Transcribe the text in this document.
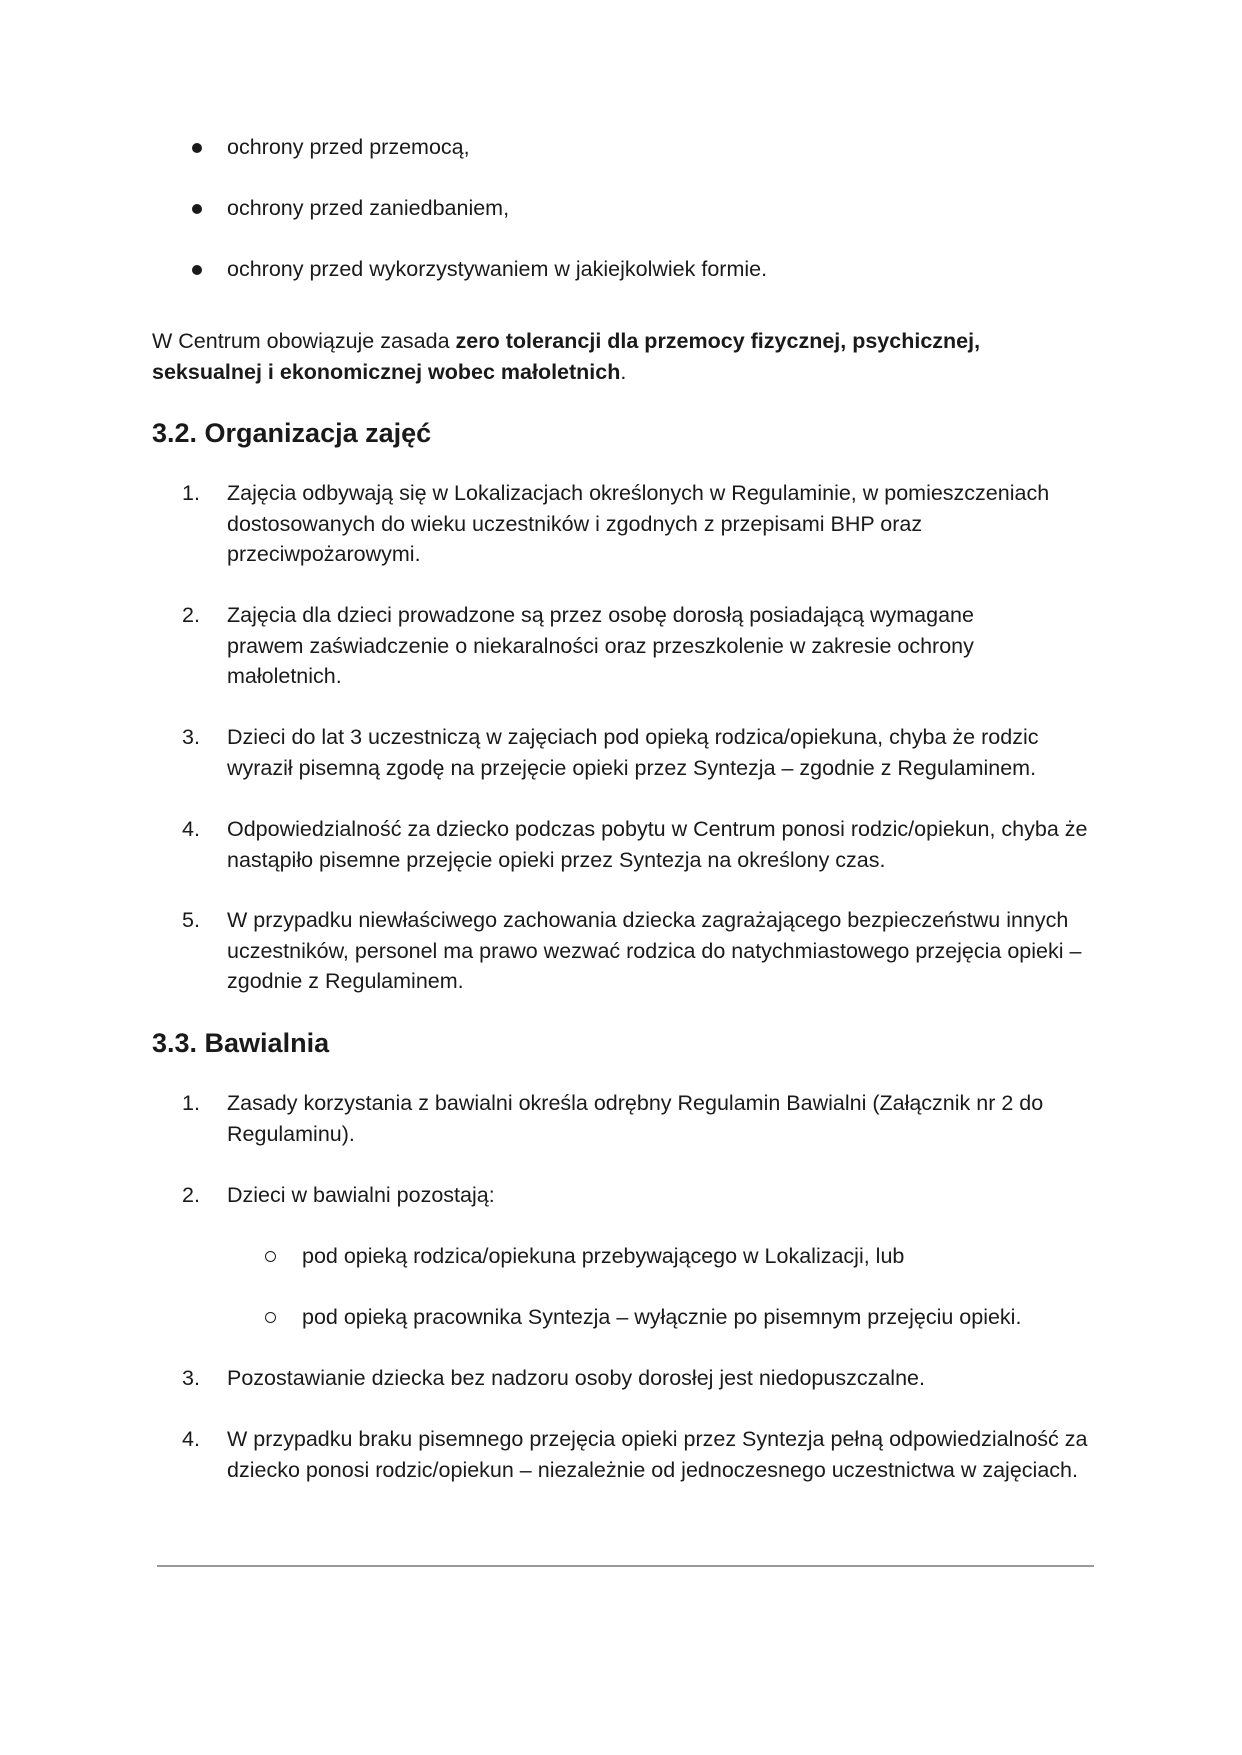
ochrony przed przemocą,
ochrony przed zaniedbaniem,
ochrony przed wykorzystywaniem w jakiejkolwiek formie.

W Centrum obowiązuje zasada zero tolerancji dla przemocy fizycznej, psychicznej, seksualnej i ekonomicznej wobec małoletnich.

3.2. Organizacja zajęć
1.	Zajęcia odbywają się w Lokalizacjach określonych w Regulaminie, w pomieszczeniach dostosowanych do wieku uczestników i zgodnych z przepisami BHP oraz przeciwpożarowymi.
2.	Zajęcia dla dzieci prowadzone są przez osobę dorosłą posiadającą wymagane prawem zaświadczenie o niekaralności oraz przeszkolenie w zakresie ochrony małoletnich.
3.	Dzieci do lat 3 uczestniczą w zajęciach pod opieką rodzica/opiekuna, chyba że rodzic wyraził pisemną zgodę na przejęcie opieki przez Syntezja – zgodnie z Regulaminem.
4.	Odpowiedzialność za dziecko podczas pobytu w Centrum ponosi rodzic/opiekun, chyba że nastąpiło pisemne przejęcie opieki przez Syntezja na określony czas.
5.	W przypadku niewłaściwego zachowania dziecka zagrażającego bezpieczeństwu innych uczestników, personel ma prawo wezwać rodzica do natychmiastowego przejęcia opieki – zgodnie z Regulaminem.
3.3. Bawialnia
1.	Zasady korzystania z bawialni określa odrębny Regulamin Bawialni (Załącznik nr 2 do Regulaminu).
2.	Dzieci w bawialni pozostają:
pod opieką rodzica/opiekuna przebywającego w Lokalizacji, lub
pod opieką pracownika Syntezja – wyłącznie po pisemnym przejęciu opieki.
3.	Pozostawianie dziecka bez nadzoru osoby dorosłej jest niedopuszczalne.
4.	W przypadku braku pisemnego przejęcia opieki przez Syntezja pełną odpowiedzialność za dziecko ponosi rodzic/opiekun – niezależnie od jednoczesnego uczestnictwa w zajęciach.
